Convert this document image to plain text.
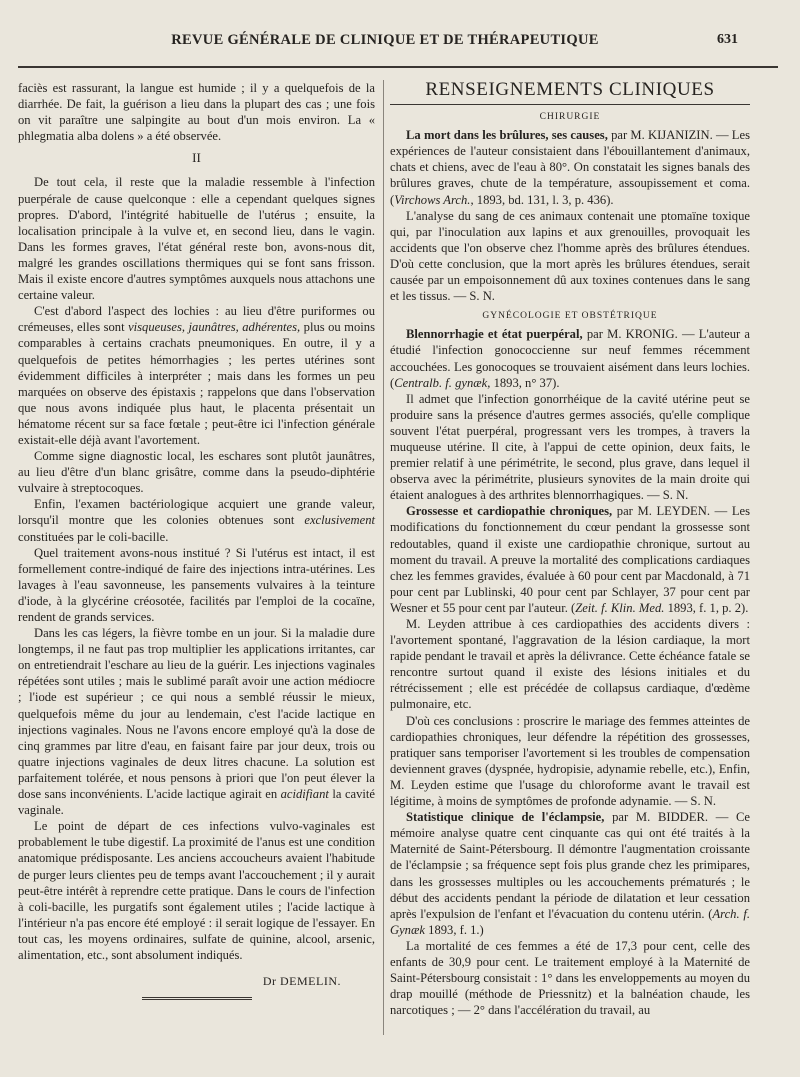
REVUE GÉNÉRALE DE CLINIQUE ET DE THÉRAPEUTIQUE	631

faciès est rassurant, la langue est humide ; il y a quelquefois de la diarrhée. De fait, la guérison a lieu dans la plupart des cas ; une fois on vit paraître une salpingite au bout d'un mois environ. La « phlegmatia alba dolens » a été observée.

II

De tout cela, il reste que la maladie ressemble à l'infection puerpérale de cause quelconque : elle a cependant quelques signes propres. D'abord, l'intégrité habituelle de l'utérus ; ensuite, la localisation principale à la vulve et, en second lieu, dans le vagin. Dans les formes graves, l'état général reste bon, avons-nous dit, malgré les grandes oscillations thermiques qui se font sans frisson. Mais il existe encore d'autres symptômes auxquels nous attachons une certaine valeur.

C'est d'abord l'aspect des lochies : au lieu d'être puriformes ou crémeuses, elles sont visqueuses, jaunâtres, adhérentes, plus ou moins comparables à certains crachats pneumoniques. En outre, il y a quelquefois de petites hémorrhagies ; les pertes utérines sont évidemment difficiles à interpréter ; mais dans les formes un peu marquées on observe des épistaxis ; rappelons que dans l'observation que nous avons indiquée plus haut, le placenta présentait un hématome récent sur sa face fœtale ; peut-être ici l'infection générale existait-elle déjà avant l'avortement.

Comme signe diagnostic local, les eschares sont plutôt jaunâtres, au lieu d'être d'un blanc grisâtre, comme dans la pseudo-diphtérie vulvaire à streptocoques.

Enfin, l'examen bactériologique acquiert une grande valeur, lorsqu'il montre que les colonies obtenues sont exclusivement constituées par le coli-bacille.

Quel traitement avons-nous institué ? Si l'utérus est intact, il est formellement contre-indiqué de faire des injections intra-utérines. Les lavages à l'eau savonneuse, les pansements vulvaires à la teinture d'iode, à la glycérine créosotée, facilités par l'emploi de la cocaïne, rendent de grands services.

Dans les cas légers, la fièvre tombe en un jour. Si la maladie dure longtemps, il ne faut pas trop multiplier les applications irritantes, car on entretiendrait l'eschare au lieu de la guérir. Les injections vaginales répétées sont utiles ; mais le sublimé paraît avoir une action médiocre ; l'iode est supérieur ; ce qui nous a semblé réussir le mieux, quelquefois même du jour au lendemain, c'est l'acide lactique en injections vaginales. Nous ne l'avons encore employé qu'à la dose de cinq grammes par litre d'eau, en faisant faire par jour deux, trois ou quatre injections vaginales de deux litres chacune. La solution est parfaitement tolérée, et nous pensons à priori que l'on peut élever la dose sans inconvénients. L'acide lactique agirait en acidifiant la cavité vaginale.

Le point de départ de ces infections vulvo-vaginales est probablement le tube digestif. La proximité de l'anus est une condition anatomique prédisposante. Les anciens accoucheurs avaient l'habitude de purger leurs clientes peu de temps avant l'accouchement ; il y aurait peut-être intérêt à reprendre cette pratique. Dans le cours de l'infection à coli-bacille, les purgatifs sont également utiles ; l'acide lactique à l'intérieur n'a pas encore été employé : il serait logique de l'essayer. En tout cas, les moyens ordinaires, sulfate de quinine, alcool, arsenic, alimentation, etc., sont absolument indiqués.

Dr DEMELIN.
RENSEIGNEMENTS CLINIQUES
CHIRURGIE

La mort dans les brûlures, ses causes, par M. KIJANIZIN. — Les expériences de l'auteur consistaient dans l'ébouillantement d'animaux, chats et chiens, avec de l'eau à 80°. On constatait les signes banals des brûlures graves, chute de la température, assoupissement et coma. (Virchows Arch., 1893, bd. 131, l. 3, p. 436).

L'analyse du sang de ces animaux contenait une ptomaïne toxique qui, par l'inoculation aux lapins et aux grenouilles, provoquait les accidents que l'on observe chez l'homme après des brûlures étendues. D'où cette conclusion, que la mort après les brûlures étendues, serait causée par un empoisonnement dû aux toxines contenues dans le sang et les tissus. — S. N.

GYNÉCOLOGIE ET OBSTÉTRIQUE

Blennorrhagie et état puerpéral, par M. KRONIG. — L'auteur a étudié l'infection gonococcienne sur neuf femmes récemment accouchées. Les gonocoques se trouvaient aisément dans leurs lochies. (Centralb. f. gynæk, 1893, n° 37).

Il admet que l'infection gonorrhéique de la cavité utérine peut se produire sans la présence d'autres germes associés, qu'elle complique souvent l'état puerpéral, progressant vers les trompes, à travers la muqueuse utérine. Il cite, à l'appui de cette opinion, deux faits, le premier relatif à une périmétrite, le second, plus grave, dans lequel il observa avec la périmétrite, plusieurs synovites de la main droite qui étaient analogues à des arthrites blennorrhagiques. — S. N.

Grossesse et cardiopathie chroniques, par M. LEYDEN. — Les modifications du fonctionnement du cœur pendant la grossesse sont redoutables, quand il existe une cardiopathie chronique, surtout au moment du travail. A preuve la mortalité des complications cardiaques chez les femmes gravides, évaluée à 60 pour cent par Macdonald, à 71 pour cent par Lublinski, 40 pour cent par Schlayer, 37 pour cent par Wesner et 55 pour cent par l'auteur. (Zeit. f. Klin. Med. 1893, f. 1, p. 2).

M. Leyden attribue à ces cardiopathies des accidents divers : l'avortement spontané, l'aggravation de la lésion cardiaque, la mort rapide pendant le travail et après la délivrance. Cette échéance fatale se rencontre surtout quand il existe des lésions initiales et du rétrécissement ; elle est précédée de collapsus cardiaque, d'œdème pulmonaire, etc.

D'où ces conclusions : proscrire le mariage des femmes atteintes de cardiopathies chroniques, leur défendre la répétition des grossesses, pratiquer sans temporiser l'avortement si les troubles de compensation deviennent graves (dyspnée, hydropisie, adynamie rebelle, etc.), Enfin, M. Leyden estime que l'usage du chloroforme avant le travail est légitime, à moins de symptômes de profonde adynamie. — S. N.

Statistique clinique de l'éclampsie, par M. BIDDER. — Ce mémoire analyse quatre cent cinquante cas qui ont été traités à la Maternité de Saint-Pétersbourg. Il démontre l'augmentation croissante de l'éclampsie ; sa fréquence sept fois plus grande chez les primipares, dans les grossesses multiples ou les accouchements prématurés ; le début des accidents pendant la période de dilatation et leur cessation après l'expulsion de l'enfant et l'évacuation du contenu utérin. (Arch. f. Gynæk 1893, f. 1.)

La mortalité de ces femmes a été de 17,3 pour cent, celle des enfants de 30,9 pour cent. Le traitement employé à la Maternité de Saint-Pétersbourg consistait : 1° dans les enveloppements au moyen du drap mouillé (méthode de Priessnitz) et la balnéation chaude, les narcotiques ; — 2° dans l'accélération du travail, au
